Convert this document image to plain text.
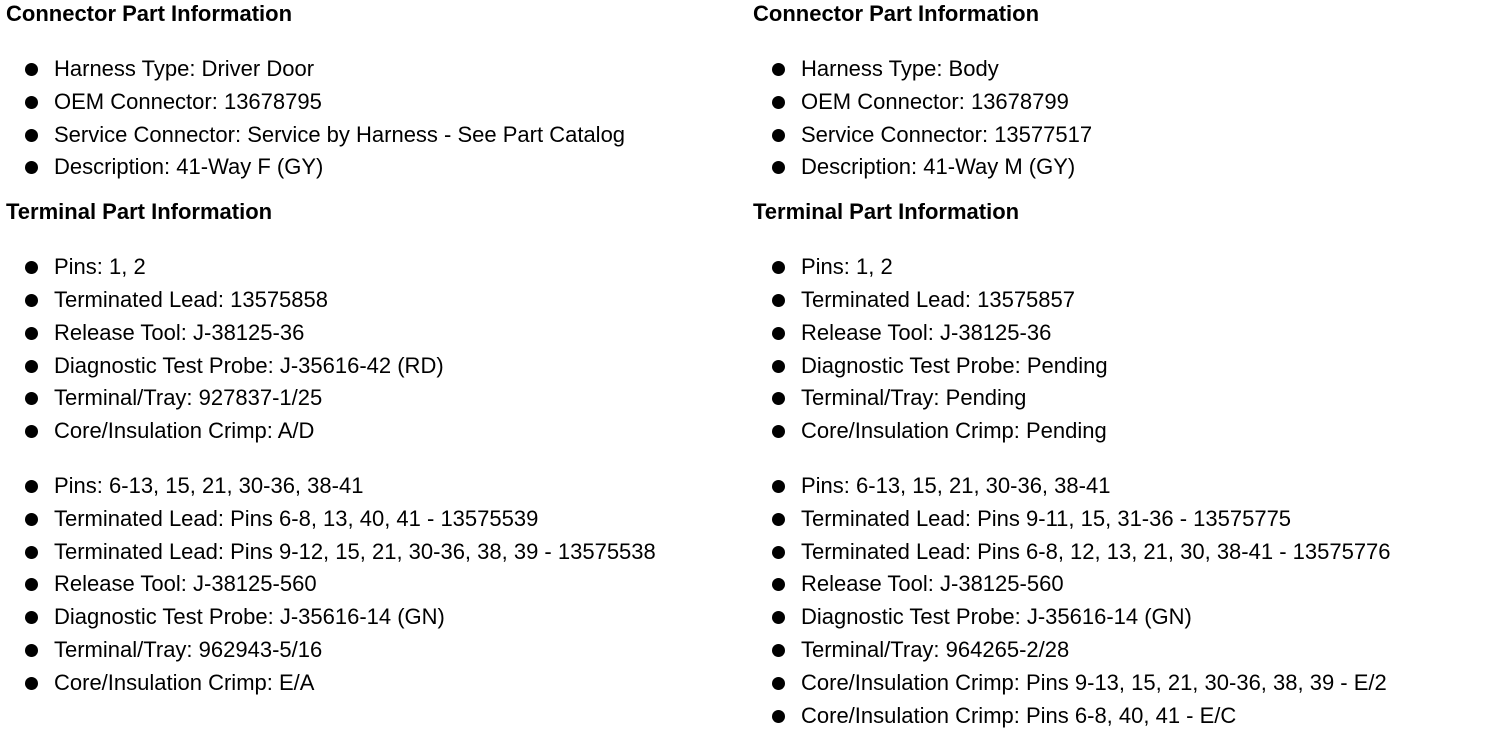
Connector Part Information
Harness Type: Driver Door
OEM Connector: 13678795
Service Connector: Service by Harness - See Part Catalog
Description: 41-Way F (GY)
Terminal Part Information
Pins: 1, 2
Terminated Lead: 13575858
Release Tool: J-38125-36
Diagnostic Test Probe: J-35616-42 (RD)
Terminal/Tray: 927837-1/25
Core/Insulation Crimp: A/D
Pins: 6-13, 15, 21, 30-36, 38-41
Terminated Lead: Pins 6-8, 13, 40, 41 - 13575539
Terminated Lead: Pins 9-12, 15, 21, 30-36, 38, 39 - 13575538
Release Tool: J-38125-560
Diagnostic Test Probe: J-35616-14 (GN)
Terminal/Tray: 962943-5/16
Core/Insulation Crimp: E/A
Connector Part Information
Harness Type: Body
OEM Connector: 13678799
Service Connector: 13577517
Description: 41-Way M (GY)
Terminal Part Information
Pins: 1, 2
Terminated Lead: 13575857
Release Tool: J-38125-36
Diagnostic Test Probe: Pending
Terminal/Tray: Pending
Core/Insulation Crimp: Pending
Pins: 6-13, 15, 21, 30-36, 38-41
Terminated Lead: Pins 9-11, 15, 31-36 - 13575775
Terminated Lead: Pins 6-8, 12, 13, 21, 30, 38-41 - 13575776
Release Tool: J-38125-560
Diagnostic Test Probe: J-35616-14 (GN)
Terminal/Tray: 964265-2/28
Core/Insulation Crimp: Pins 9-13, 15, 21, 30-36, 38, 39 - E/2
Core/Insulation Crimp: Pins 6-8, 40, 41 - E/C
